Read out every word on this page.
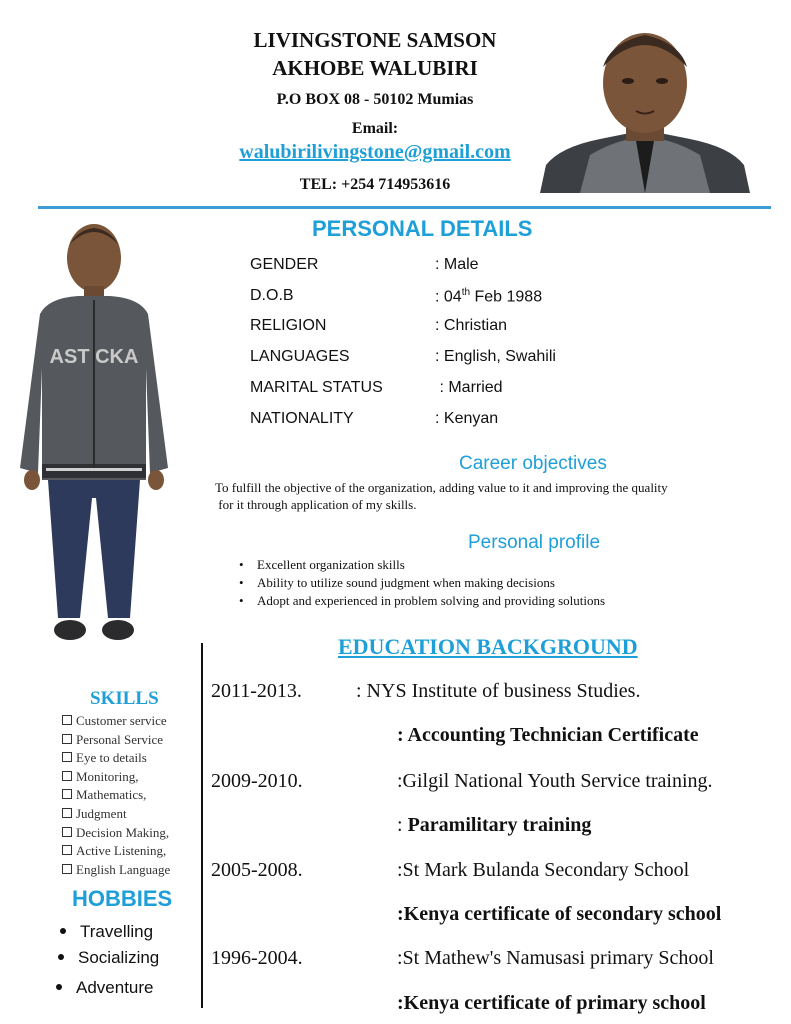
LIVINGSTONE SAMSON
AKHOBE WALUBIRI
P.O BOX 08 - 50102 Mumias
Email:
walubirilivingstone@gmail.com
TEL: +254 714953616
AST CKA
PERSONAL DETAILS
GENDER	: Male
D.O.B	: 04th Feb 1988
RELIGION	: Christian
LANGUAGES	: English, Swahili
MARITAL STATUS	: Married
NATIONALITY	: Kenyan
Career objectives
To fulfill the objective of the organization, adding value to it and improving the quality
for it through application of my skills.
Personal profile
• Excellent organization skills
• Ability to utilize sound judgment when making decisions
• Adopt and experienced in problem solving and providing solutions
EDUCATION BACKGROUND
2011-2013.	: NYS Institute of business Studies.
: Accounting Technician Certificate
2009-2010.	:Gilgil National Youth Service training.
: Paramilitary training
2005-2008.	:St Mark Bulanda Secondary School
:Kenya certificate of secondary school
1996-2004.	:St Mathew's Namusasi primary School
:Kenya certificate of primary school
SKILLS
Customer service
Personal Service
Eye to details
Monitoring,
Mathematics,
Judgment
Decision Making,
Active Listening,
English Language
HOBBIES
Travelling
Socializing
Adventure
